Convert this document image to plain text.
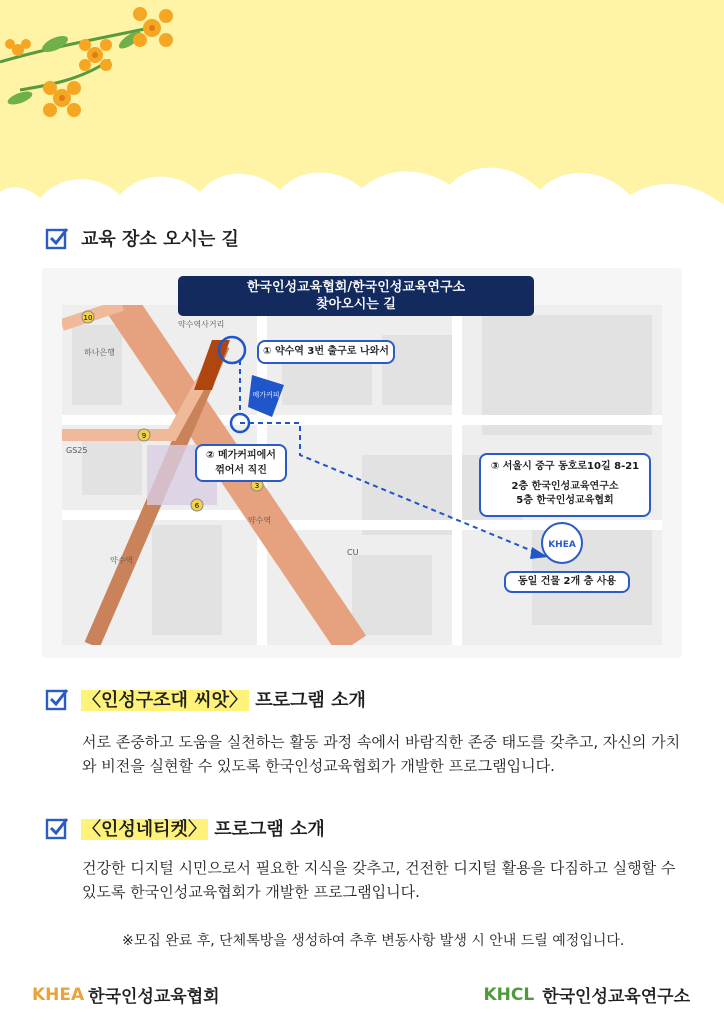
교육 장소 오시는 길
10
9
6
3
하나은행
GS25
CU
약수역사거리
약수역
약수역
메가커피
KHEA
한국인성교육협회/한국인성교육연구소
찾아오시는 길
① 약수역 3번 출구로 나와서
② 메가커피에서
꺾어서 직진	③ 서울시 중구 동호로10길 8-21
2층 한국인성교육연구소
5층 한국인성교육협회
동일 건물 2개 층 사용
〈인성구조대 씨앗〉 프로그램 소개
서로 존중하고 도움을 실천하는 활동 과정 속에서 바람직한 존중 태도를 갖추고, 자신의 가치와 비전을 실현할 수 있도록 한국인성교육협회가 개발한 프로그램입니다.
〈인성네티켓〉 프로그램 소개
건강한 디지털 시민으로서 필요한 지식을 갖추고, 건전한 디지털 활용을 다짐하고 실행할 수 있도록 한국인성교육협회가 개발한 프로그램입니다.
※모집 완료 후, 단체톡방을 생성하여 추후 변동사항 발생 시 안내 드릴 예정입니다.
KHEA 한국인성교육협회	KHCL 한국인성교육연구소
